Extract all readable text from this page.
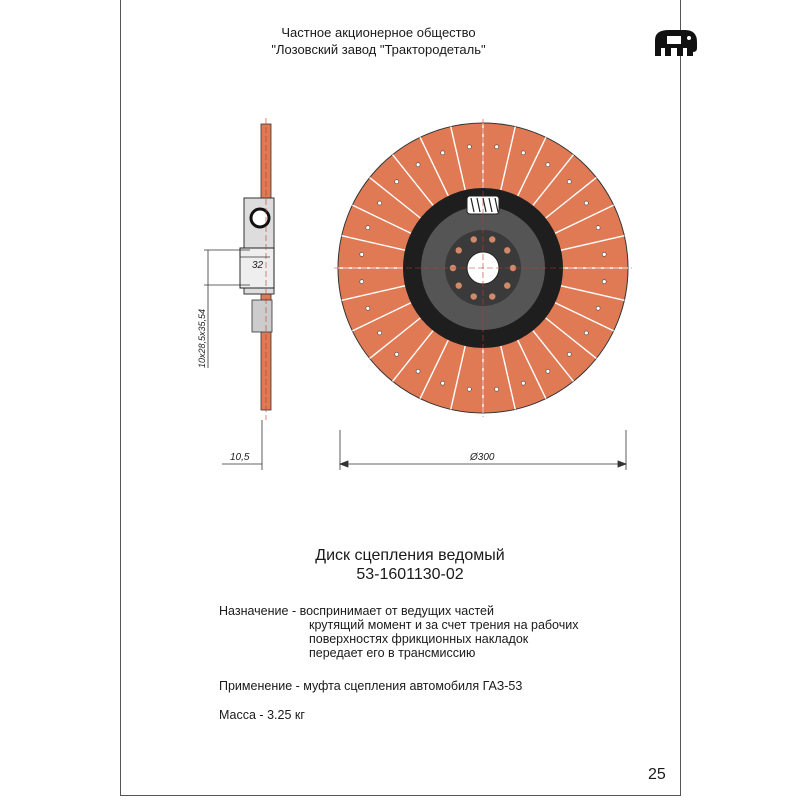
Частное акционерное общество
"Лозовский завод "Трактородеталь"
Ø300
10,5
32
10х28,5х35,54
Диск сцепления ведомый
53-1601130-02
Назначение - воспринимает от ведущих частей
крутящий момент и за счет трения на рабочих
поверхностях фрикционных накладок
передает его в трансмиссию
Применение - муфта сцепления автомобиля ГАЗ-53
Масса - 3.25 кг
25
